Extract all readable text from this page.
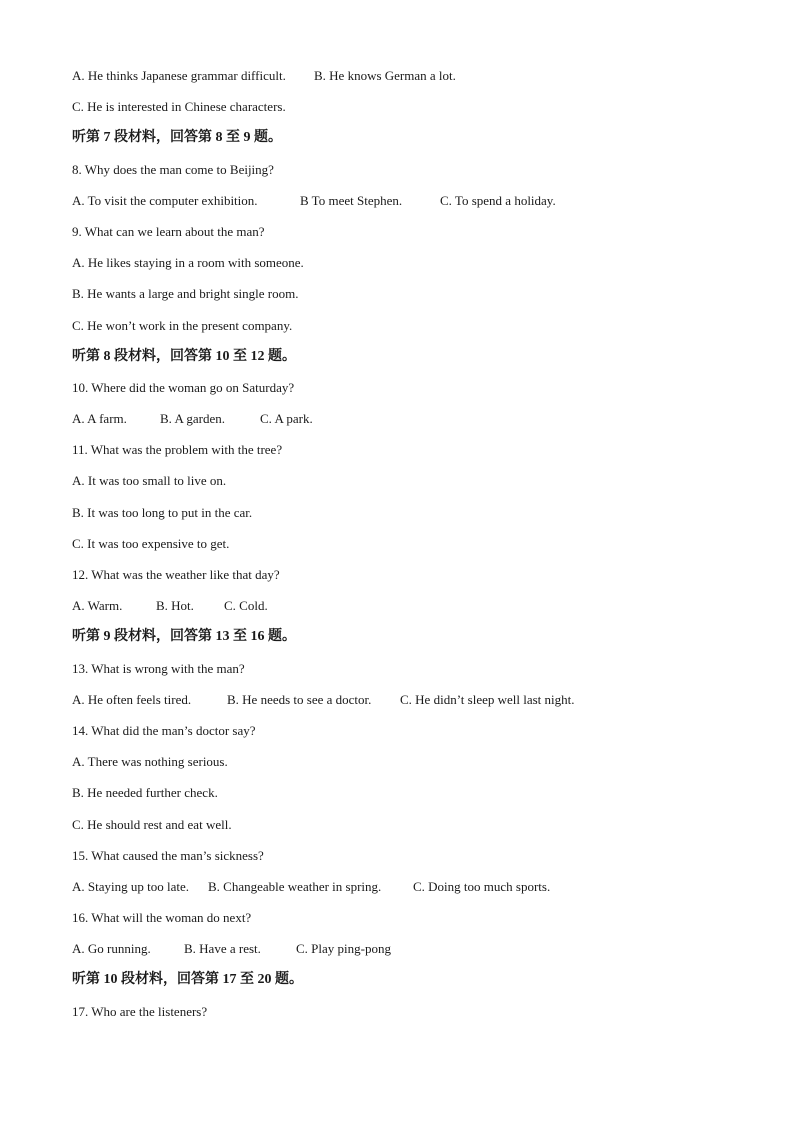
A. He thinks Japanese grammar difficult. B. He knows German a lot.
C. He is interested in Chinese characters.
听第 7 段材料，回答第 8 至 9 题。
8. Why does the man come to Beijing?
A. To visit the computer exhibition.	B To meet Stephen.	C. To spend a holiday.
9. What can we learn about the man?
A. He likes staying in a room with someone.
B. He wants a large and bright single room.
C. He won’t work in the present company.
听第 8 段材料，回答第 10 至 12 题。
10. Where did the woman go on Saturday?
A. A farm.	B. A garden.	C. A park.
11. What was the problem with the tree?
A. It was too small to live on.
B. It was too long to put in the car.
C. It was too expensive to get.
12. What was the weather like that day?
A. Warm.	B. Hot. C. Cold.
听第 9 段材料，回答第 13 至 16 题。
13. What is wrong with the man?
A. He often feels tired.	B. He needs to see a doctor. C. He didn’t sleep well last night.
14. What did the man’s doctor say?
A. There was nothing serious.
B. He needed further check.
C. He should rest and eat well.
15. What caused the man’s sickness?
A. Staying up too late. B. Changeable weather in spring. C. Doing too much sports.
16. What will the woman do next?
A. Go running.	B. Have a rest.	C. Play ping-pong
听第 10 段材料，回答第 17 至 20 题。
17. Who are the listeners?
